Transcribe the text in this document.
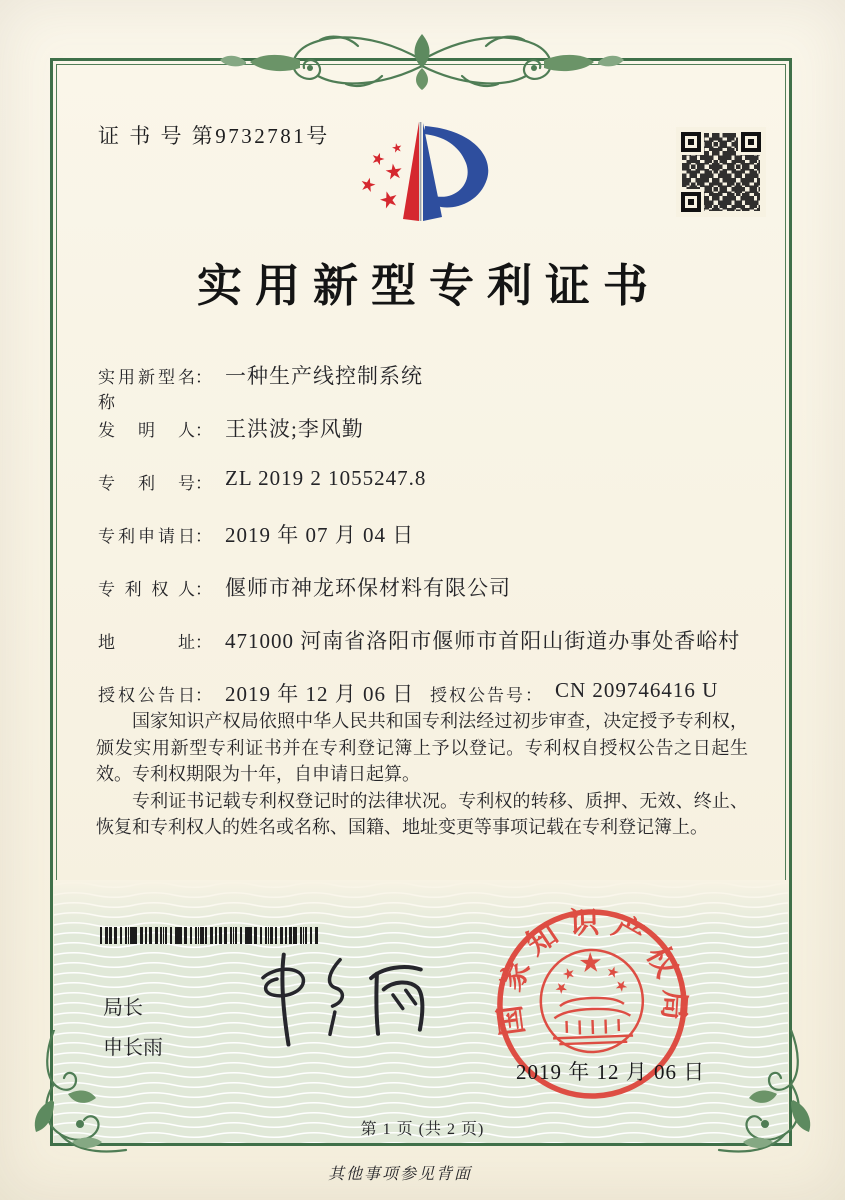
证 书 号 第9732781号
实用新型专利证书
实用新型名称
： 一种生产线控制系统
发明人 ： 王洪波;李风勤
专利号 ： ZL 2019 2 1055247.8
专利申请日 ： 2019 年 07 月 04 日
专利权人 ： 偃师市神龙环保材料有限公司
地址 ： 471000 河南省洛阳市偃师市首阳山街道办事处香峪村
授权公告日 ： 2019 年 12 月 06 日 授权公告号 ： CN 209746416 U

国家知识产权局依照中华人民共和国专利法经过初步审查，决定授予专利权，颁发实用新型专利证书并在专利登记簿上予以登记。专利权自授权公告之日起生效。专利权期限为十年，自申请日起算。

专利证书记载专利权登记时的法律状况。专利权的转移、质押、无效、终止、恢复和专利权人的姓名或名称、国籍、地址变更等事项记载在专利登记簿上。

局长
申长雨
国家知识产权局
2019 年 12 月 06 日
第 1 页 (共 2 页)
其他事项参见背面
